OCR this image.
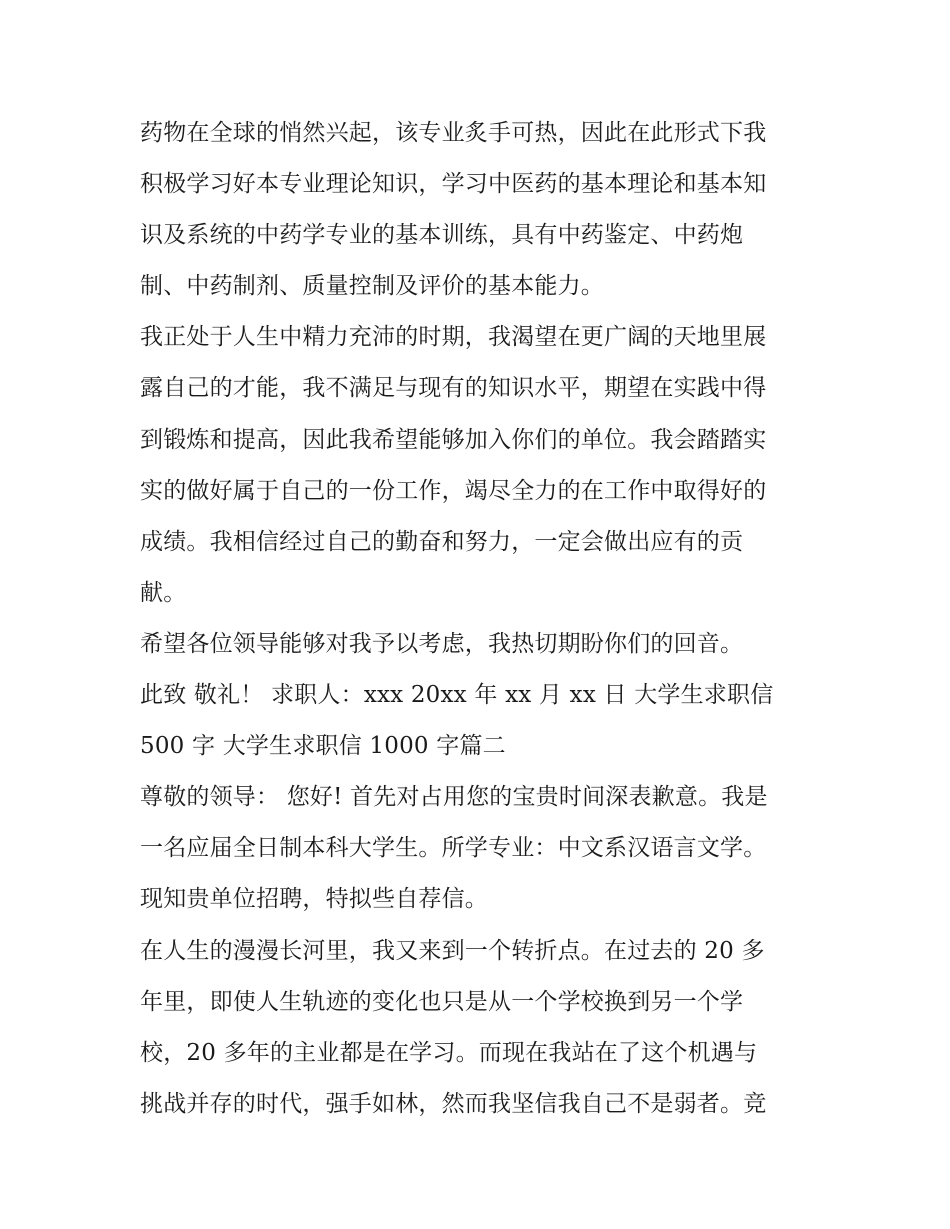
药物在全球的悄然兴起，该专业炙手可热，因此在此形式下我
积极学习好本专业理论知识，学习中医药的基本理论和基本知
识及系统的中药学专业的基本训练，具有中药鉴定、中药炮
制、中药制剂、质量控制及评价的基本能力。
我正处于人生中精力充沛的时期，我渴望在更广阔的天地里展
露自己的才能，我不满足与现有的知识水平，期望在实践中得
到锻炼和提高，因此我希望能够加入你们的单位。我会踏踏实
实的做好属于自己的一份工作，竭尽全力的在工作中取得好的
成绩。我相信经过自己的勤奋和努力，一定会做出应有的贡
献。
希望各位领导能够对我予以考虑，我热切期盼你们的回音。
此致 敬礼！ 求职人：xxx 20xx 年 xx 月 xx 日 大学生求职信
500 字 大学生求职信 1000 字篇二
尊敬的领导： 您好! 首先对占用您的宝贵时间深表歉意。我是
一名应届全日制本科大学生。所学专业：中文系汉语言文学。
现知贵单位招聘，特拟些自荐信。
在人生的漫漫长河里，我又来到一个转折点。在过去的 20 多
年里，即使人生轨迹的变化也只是从一个学校换到另一个学
校，20 多年的主业都是在学习。而现在我站在了这个机遇与
挑战并存的时代，强手如林，然而我坚信我自己不是弱者。竞
